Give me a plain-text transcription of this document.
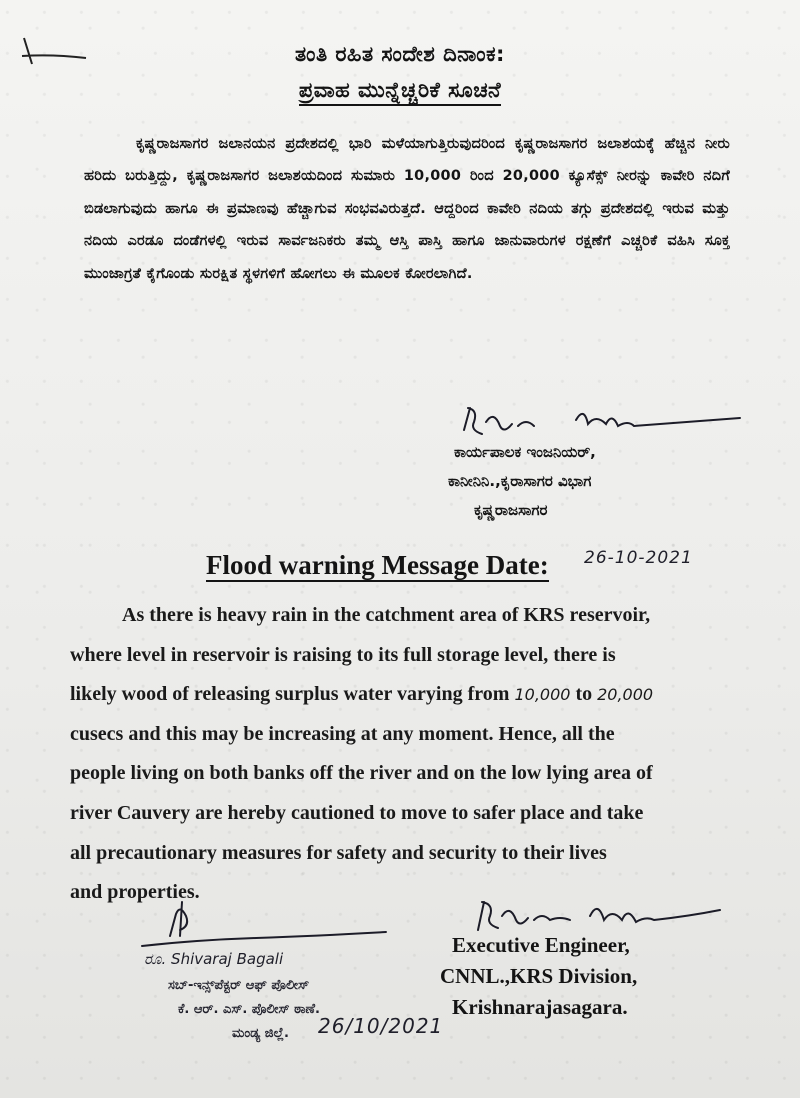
ತಂತಿ ರಹಿತ ಸಂದೇಶ ದಿನಾಂಕ:
ಪ್ರವಾಹ ಮುನ್ನೆಚ್ಚರಿಕೆ ಸೂಚನೆ
ಕೃಷ್ಣರಾಜಸಾಗರ ಜಲಾನಯನ ಪ್ರದೇಶದಲ್ಲಿ ಭಾರಿ ಮಳೆಯಾಗುತ್ತಿರುವುದರಿಂದ ಕೃಷ್ಣರಾಜಸಾಗರ ಜಲಾಶಯಕ್ಕೆ ಹೆಚ್ಚಿನ ನೀರು ಹರಿದು ಬರುತ್ತಿದ್ದು, ಕೃಷ್ಣರಾಜಸಾಗರ ಜಲಾಶಯದಿಂದ ಸುಮಾರು 10,000 ರಿಂದ 20,000 ಕ್ಯೂಸೆಕ್ಸ್ ನೀರನ್ನು ಕಾವೇರಿ ನದಿಗೆ ಬಿಡಲಾಗುವುದು ಹಾಗೂ ಈ ಪ್ರಮಾಣವು ಹೆಚ್ಚಾಗುವ ಸಂಭವವಿರುತ್ತದೆ. ಆದ್ದರಿಂದ ಕಾವೇರಿ ನದಿಯ ತಗ್ಗು ಪ್ರದೇಶದಲ್ಲಿ ಇರುವ ಮತ್ತು ನದಿಯ ಎರಡೂ ದಂಡೆಗಳಲ್ಲಿ ಇರುವ ಸಾರ್ವಜನಿಕರು ತಮ್ಮ ಆಸ್ತಿ ಪಾಸ್ತಿ ಹಾಗೂ ಜಾನುವಾರುಗಳ ರಕ್ಷಣೆಗೆ ಎಚ್ಚರಿಕೆ ವಹಿಸಿ ಸೂಕ್ತ ಮುಂಜಾಗ್ರತೆ ಕೈಗೊಂಡು ಸುರಕ್ಷಿತ ಸ್ಥಳಗಳಿಗೆ ಹೋಗಲು ಈ ಮೂಲಕ ಕೋರಲಾಗಿದೆ.
ಕಾರ್ಯಪಾಲಕ ಇಂಜನಿಯರ್,
ಕಾನೀನಿನಿ.,ಕೃರಾಸಾಗರ ವಿಭಾಗ
ಕೃಷ್ಣರಾಜಸಾಗರ
Flood warning Message Date: 26-10-2021
As there is heavy rain in the catchment area of KRS reservoir,
where level in reservoir is raising to its full storage level, there is
likely wood of releasing surplus water varying from 10,000 to 20,000
cusecs and this may be increasing at any moment. Hence, all the
people living on both banks off the river and on the low lying area of
river Cauvery are hereby cautioned to move to safer place and take
all precautionary measures for safety and security to their lives
and properties.
Executive Engineer,
CNNL.,KRS Division,
Krishnarajasagara.
ರೂ. Shivaraj Bagali
ಸಬ್-ಇನ್ಸ್‌ಪೆಕ್ಟರ್ ಆಫ್ ಪೊಲೀಸ್
ಕೆ. ಆರ್. ಎಸ್. ಪೊಲೀಸ್ ಠಾಣೆ.
ಮಂಡ್ಯ ಜಿಲ್ಲೆ. 26/10/2021
